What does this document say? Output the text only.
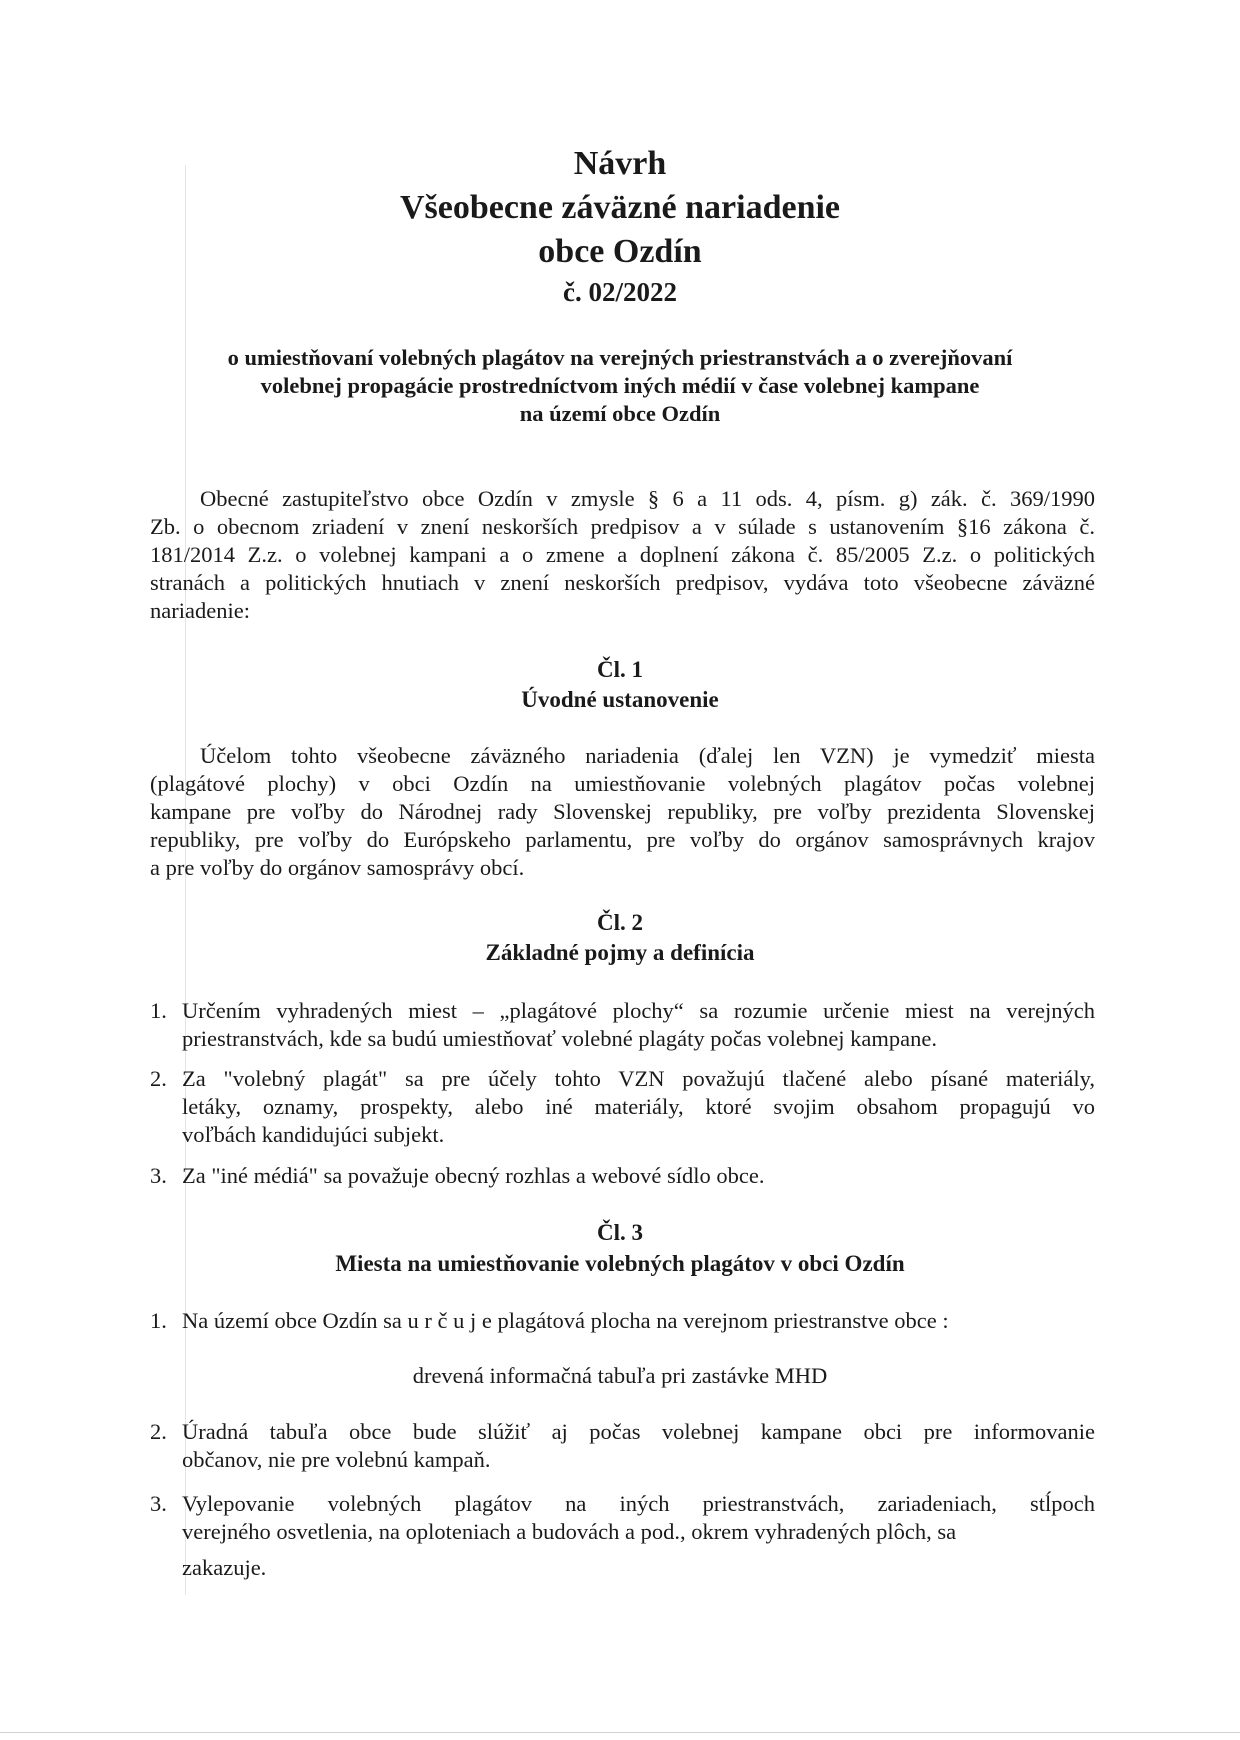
Návrh
Všeobecne záväzné nariadenie
obce Ozdín
č. 02/2022
o umiestňovaní volebných plagátov na verejných priestranstvách a o zverejňovaní
volebnej propagácie prostredníctvom iných médií v čase volebnej kampane
na území obce Ozdín
Obecné zastupiteľstvo obce Ozdín v zmysle § 6 a 11 ods. 4, písm. g) zák. č. 369/1990
Zb. o obecnom zriadení v znení neskorších predpisov a v súlade s ustanovením §16 zákona č.
181/2014 Z.z. o volebnej kampani a o zmene a doplnení zákona č. 85/2005 Z.z. o politických
stranách a politických hnutiach v znení neskorších predpisov, vydáva toto všeobecne záväzné
nariadenie:
Čl. 1
Úvodné ustanovenie
Účelom tohto všeobecne záväzného nariadenia (ďalej len VZN) je vymedziť miesta
(plagátové plochy) v obci Ozdín na umiestňovanie volebných plagátov počas volebnej
kampane pre voľby do Národnej rady Slovenskej republiky, pre voľby prezidenta Slovenskej
republiky, pre voľby do Európskeho parlamentu, pre voľby do orgánov samosprávnych krajov
a pre voľby do orgánov samosprávy obcí.
Čl. 2
Základné pojmy a definícia
1. Určením vyhradených miest – „plagátové plochy“ sa rozumie určenie miest na verejných
priestranstvách, kde sa budú umiestňovať volebné plagáty počas volebnej kampane.
2. Za "volebný plagát" sa pre účely tohto VZN považujú tlačené alebo písané materiály,
letáky, oznamy, prospekty, alebo iné materiály, ktoré svojim obsahom propagujú vo
voľbách kandidujúci subjekt.
3. Za "iné médiá" sa považuje obecný rozhlas a webové sídlo obce.
Čl. 3
Miesta na umiestňovanie volebných plagátov v obci Ozdín
1. Na území obce Ozdín sa u r č u j e plagátová plocha na verejnom priestranstve obce :
drevená informačná tabuľa pri zastávke MHD
2. Úradná tabuľa obce bude slúžiť aj počas volebnej kampane obci pre informovanie
občanov, nie pre volebnú kampaň.
3. Vylepovanie volebných plagátov na iných priestranstvách, zariadeniach, stĺpoch
verejného osvetlenia, na oploteniach a budovách a pod., okrem vyhradených plôch, sa
zakazuje.
